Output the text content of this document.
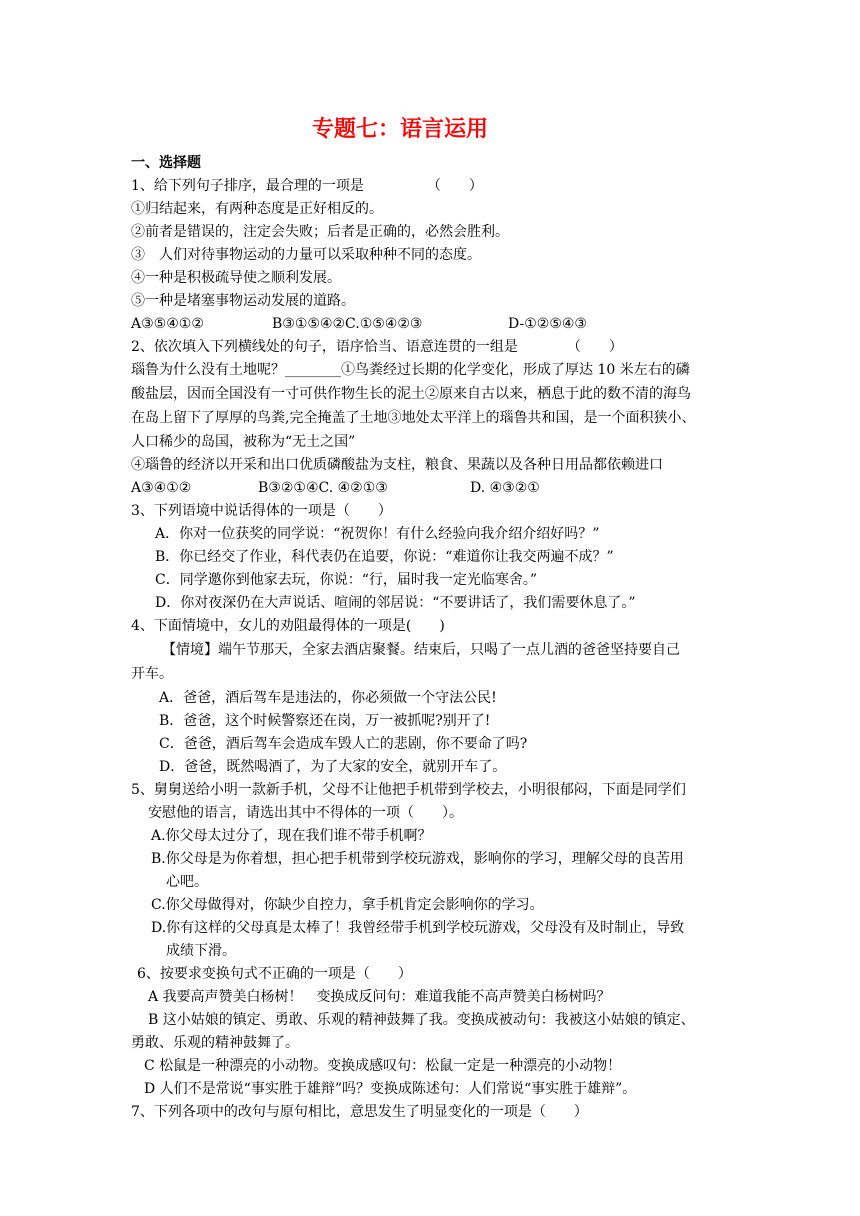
专题七：语言运用
一、选择题
1、给下列句子排序，最合理的一项是　　　　　（　　）
①归结起来，有两种态度是正好相反的。
②前者是错误的，注定会失败；后者是正确的，必然会胜利。
③　人们对待事物运动的力量可以采取种种不同的态度。
④一种是积极疏导使之顺利发展。
⑤一种是堵塞事物运动发展的道路。
A③⑤④①②	B③①⑤④②C.①⑤④②③	D-①②⑤④③
2、依次填入下列横线处的句子，语序恰当、语意连贯的一组是　　　　（　　）
瑙鲁为什么没有土地呢？________①鸟粪经过长期的化学变化，形成了厚达 10 米左右的磷
酸盐层，因而全国没有一寸可供作物生长的泥土②原来自古以来，栖息于此的数不清的海鸟
在岛上留下了厚厚的鸟粪,完全掩盖了土地③地处太平洋上的瑙鲁共和国，是一个面积狭小、
人口稀少的岛国，被称为“无土之国”
④瑙鲁的经济以开采和出口优质磷酸盐为支柱，粮食、果蔬以及各种日用品都依赖进口
A③④①②	B③②①④C. ④②①③	D. ④③②①
3、下列语境中说话得体的一项是（　　）
A．你对一位获奖的同学说：“祝贺你！有什么经验向我介绍介绍好吗？”
B．你已经交了作业，科代表仍在追要，你说：“难道你让我交两遍不成？”
C．同学邀你到他家去玩，你说：“行，届时我一定光临寒舍。”
D．你对夜深仍在大声说话、喧闹的邻居说：“不要讲话了，我们需要休息了。”
4、下面情境中，女儿的劝阻最得体的一项是(　　)
【情境】端午节那天，全家去酒店聚餐。结束后，只喝了一点儿酒的爸爸坚持要自己
开车。
A．爸爸，酒后驾车是违法的，你必须做一个守法公民!
B．爸爸，这个时候警察还在岗，万一被抓呢?别开了!
C．爸爸，酒后驾车会造成车毁人亡的悲剧，你不要命了吗?
D．爸爸，既然喝酒了，为了大家的安全，就别开车了。
5、舅舅送给小明一款新手机，父母不让他把手机带到学校去，小明很郁闷，下面是同学们
安慰他的语言，请选出其中不得体的一项（　　）。
A.你父母太过分了，现在我们谁不带手机啊？
B.你父母是为你着想，担心把手机带到学校玩游戏，影响你的学习，理解父母的良苦用
心吧。
C.你父母做得对，你缺少自控力，拿手机肯定会影响你的学习。
D.你有这样的父母真是太棒了！我曾经带手机到学校玩游戏，父母没有及时制止，导致
成绩下滑。
6、按要求变换句式不正确的一项是（　　）
A 我要高声赞美白杨树！　变换成反问句：难道我能不高声赞美白杨树吗？
B 这小姑娘的镇定、勇敢、乐观的精神鼓舞了我。变换成被动句：我被这小姑娘的镇定、
勇敢、乐观的精神鼓舞了。
C 松鼠是一种漂亮的小动物。变换成感叹句：松鼠一定是一种漂亮的小动物！
D 人们不是常说“事实胜于雄辩”吗？变换成陈述句：人们常说“事实胜于雄辩”。
7、下列各项中的改句与原句相比，意思发生了明显变化的一项是（　　）
